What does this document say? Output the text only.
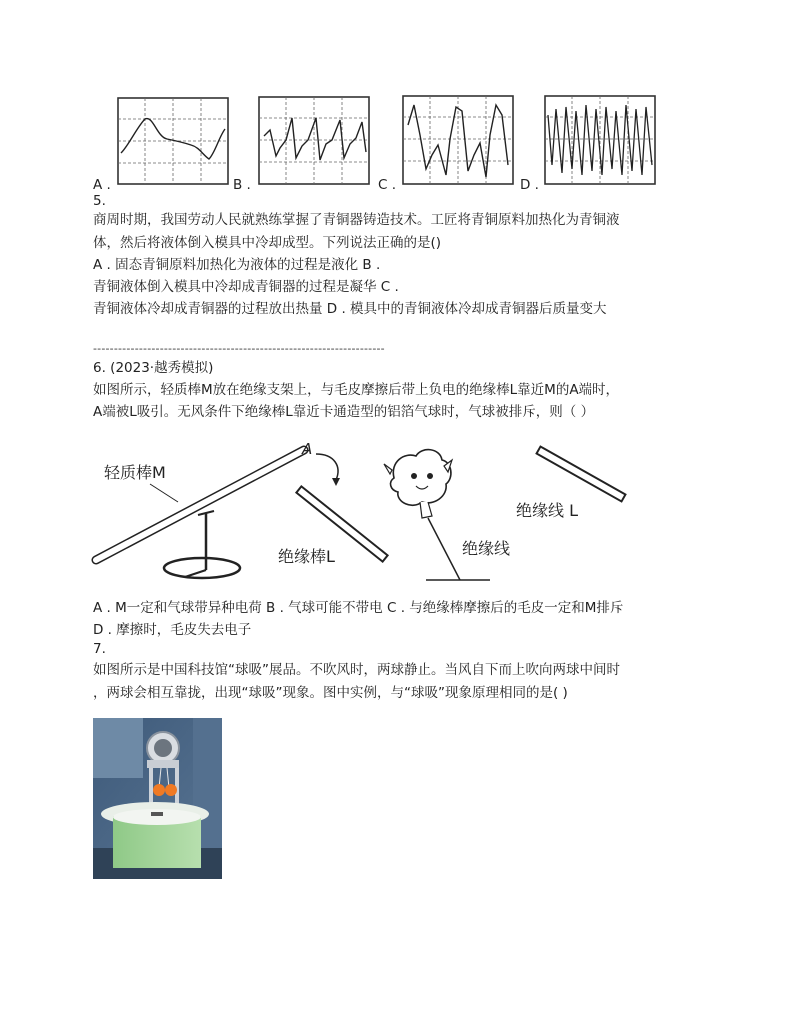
A .	B .	C .	D .
5.
商周时期，我国劳动人民就熟练掌握了青铜器铸造技术。工匠将青铜原料加热化为青铜液
体，然后将液体倒入模具中冷却成型。下列说法正确的是()
A . 固态青铜原料加热化为液体的过程是液化 B .
青铜液体倒入模具中冷却成青铜器的过程是凝华 C .
青铜液体冷却成青铜器的过程放出热量 D . 模具中的青铜液体冷却成青铜器后质量变大
----------------------------------------------------------------------
6. (2023·越秀模拟)
如图所示，轻质棒M放在绝缘支架上，与毛皮摩擦后带上负电的绝缘棒L靠近M的A端时，
A端被L吸引。无风条件下绝缘棒L靠近卡通造型的铝箔气球时，气球被排斥，则（ ）
轻质棒M
A
绝缘棒L	绝缘线
绝缘线 L
A . M一定和气球带异种电荷 B . 气球可能不带电 C . 与绝缘棒摩擦后的毛皮一定和M排斥
D . 摩擦时，毛皮失去电子
7.
如图所示是中国科技馆“球吸”展品。不吹风时，两球静止。当风自下而上吹向两球中间时
，两球会相互靠拢，出现“球吸”现象。图中实例，与“球吸”现象原理相同的是( )
